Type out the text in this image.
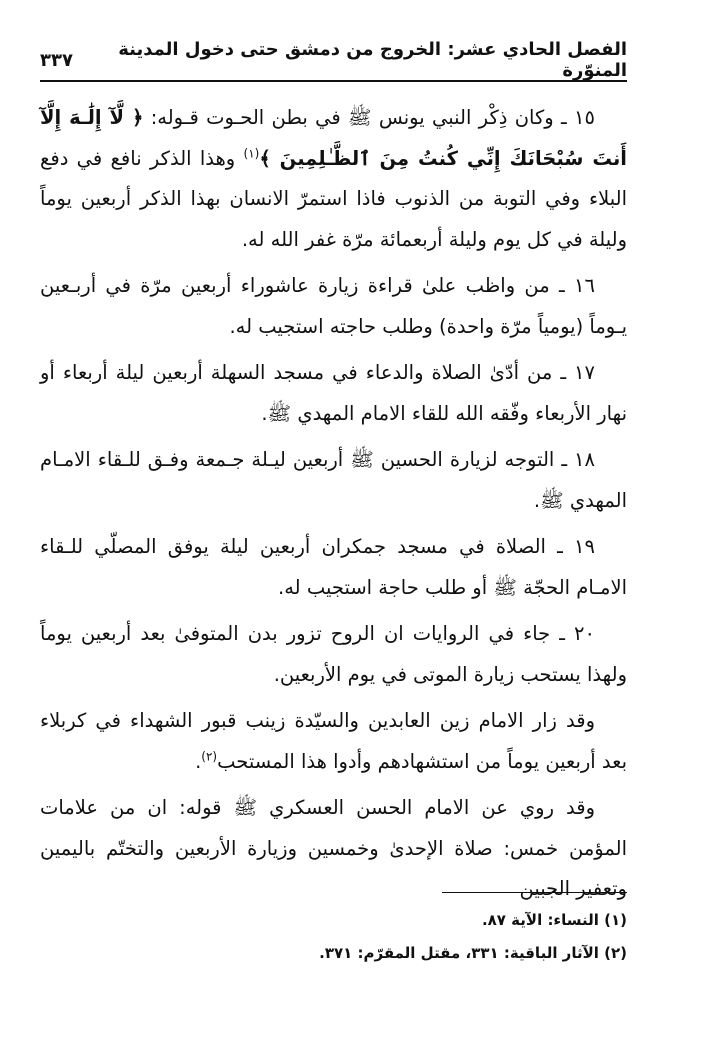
الفصل الحادي عشر: الخروج من دمشق حتى دخول المدينة المنوّرة
٣٣٧

١٥ ـ وكان ذِكْر النبي يونس ﷺ في بطن الحـوت قـوله: ﴿ لَّآ إِلَٰـهَ إِلَّآ أَنتَ سُبْحَانَكَ إِنِّي كُنتُ مِنَ ٱلظَّـٰلِمِينَ ﴾$^{(١)}$ وهذا الذكر نافع في دفع البلاء وفي التوبة من الذنوب فاذا استمرّ الانسان بهذا الذكر أربعين يوماً وليلة في كل يوم وليلة أربعمائة مرّة غفر الله له.

١٦ ـ من واظب علىٰ قراءة زيارة عاشوراء أربعين مرّة في أربـعين يـوماً (يومياً مرّة واحدة) وطلب حاجته استجيب له.

١٧ ـ من أدّىٰ الصلاة والدعاء في مسجد السهلة أربعين ليلة أربعاء أو نهار الأربعاء وفّقه الله للقاء الامام المهدي ﷺ.

١٨ ـ التوجه لزيارة الحسين ﷺ أربعين ليـلة جـمعة وفـق للـقاء الامـام المهدي ﷺ.

١٩ ـ الصلاة في مسجد جمكران أربعين ليلة يوفق المصلّي للـقاء الامـام الحجّة ﷺ أو طلب حاجة استجيب له.

٢٠ ـ جاء في الروايات ان الروح تزور بدن المتوفىٰ بعد أربعين يوماً ولهذا يستحب زيارة الموتى في يوم الأربعين.

وقد زار الامام زين العابدين والسيّدة زينب قبور الشهداء في كربلاء بعد أربعين يوماً من استشهادهم وأدوا هذا المستحب$^{(٢)}$.

وقد روي عن الامام الحسن العسكري ﷺ قوله: ان من علامات المؤمن خمس: صلاة الإحدىٰ وخمسين وزيارة الأربعين والتختّم باليمين وتعفير الجبين

(١) النساء: الآية ٨٧.
(٢) الآثار الباقية: ٣٣١، مقتل المقرّم: ٣٧١.
